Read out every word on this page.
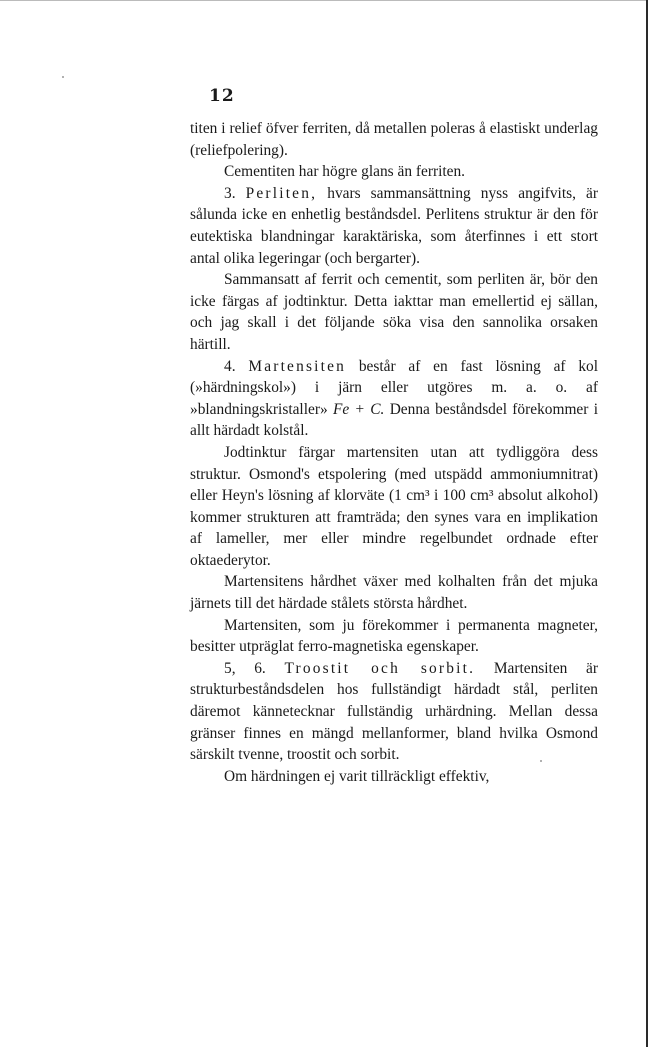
12

titen i relief öfver ferriten, då metallen poleras å elastiskt underlag (reliefpolering).

Cementiten har högre glans än ferriten.

3. Perliten, hvars sammansättning nyss angifvits, är sålunda icke en enhetlig beståndsdel. Perlitens struktur är den för eutektiska blandningar karaktäriska, som återfinnes i ett stort antal olika legeringar (och bergarter).

Sammansatt af ferrit och cementit, som perliten är, bör den icke färgas af jodtinktur. Detta iakttar man emellertid ej sällan, och jag skall i det följande söka visa den sannolika orsaken härtill.

4. Martensiten består af en fast lösning af kol (»härdningskol») i järn eller utgöres m. a. o. af »blandningskristaller» Fe + C. Denna beståndsdel förekommer i allt härdadt kolstål.

Jodtinktur färgar martensiten utan att tydliggöra dess struktur. Osmond's etspolering (med utspädd ammoniumnitrat) eller Heyn's lösning af klorväte (1 cm³ i 100 cm³ absolut alkohol) kommer strukturen att framträda; den synes vara en implikation af lameller, mer eller mindre regelbundet ordnade efter oktaederytor.

Martensitens hårdhet växer med kolhalten från det mjuka järnets till det härdade stålets största hårdhet.

Martensiten, som ju förekommer i permanenta magneter, besitter utpräglat ferro-magnetiska egenskaper.

5, 6. Troostit och sorbit. Martensiten är strukturbeståndsdelen hos fullständigt härdadt stål, perliten däremot kännetecknar fullständig urhärdning. Mellan dessa gränser finnes en mängd mellanformer, bland hvilka Osmond särskilt tvenne, troostit och sorbit.

Om härdningen ej varit tillräckligt effektiv,
